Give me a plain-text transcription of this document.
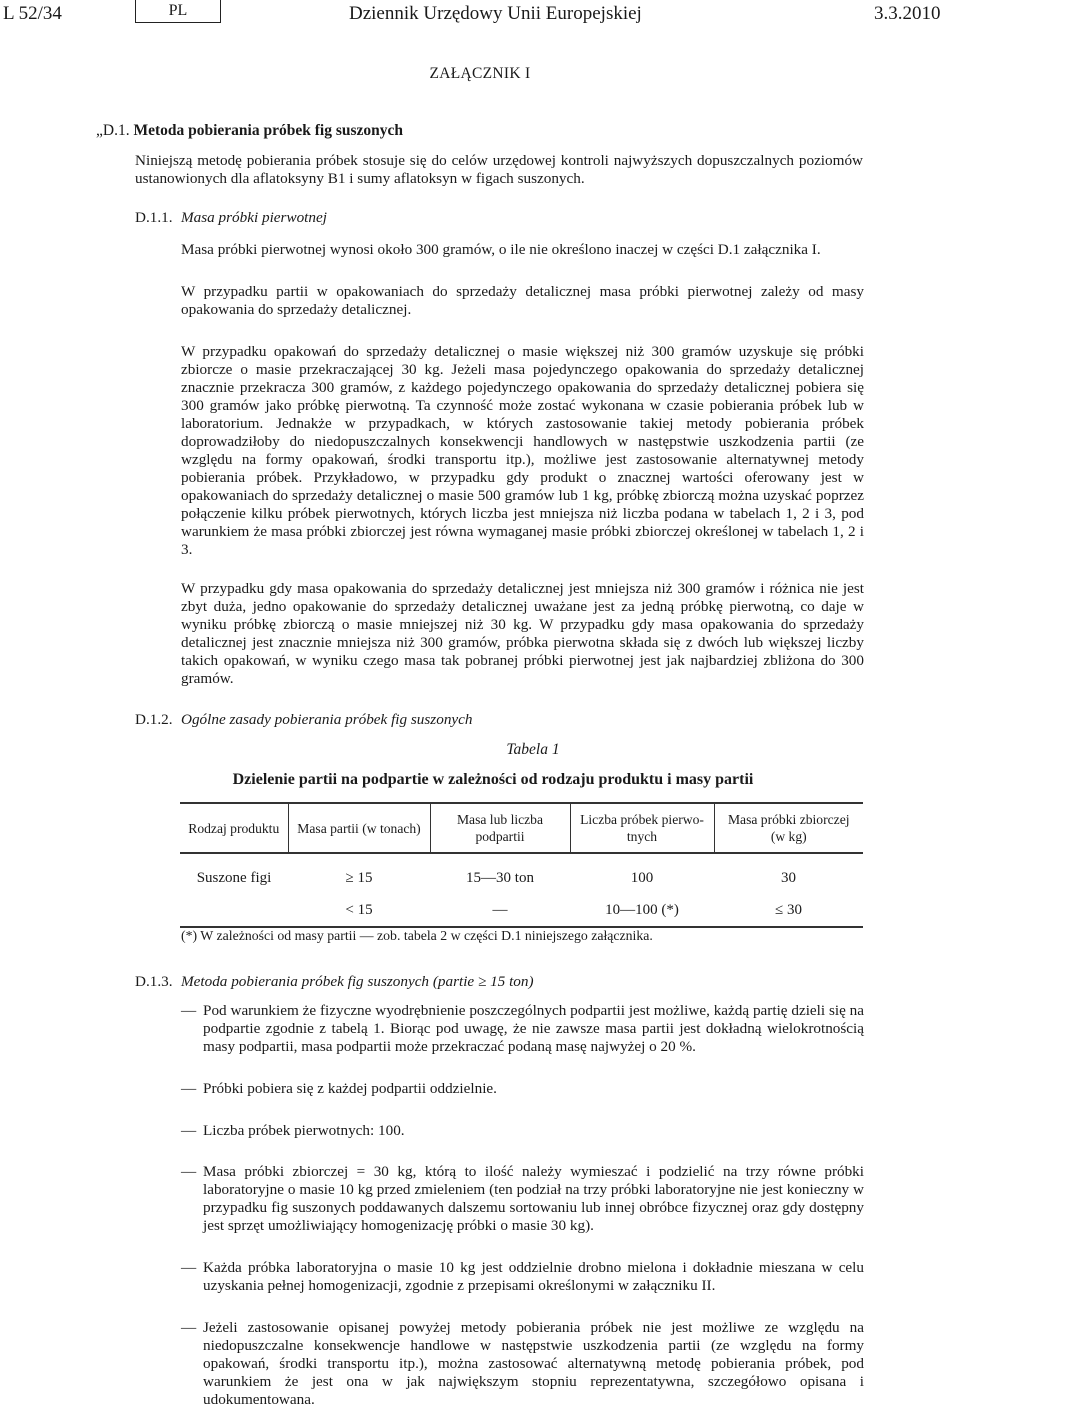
L 52/34	PL	Dziennik Urzędowy Unii Europejskiej	3.3.2010
ZAŁĄCZNIK I
„D.1. Metoda pobierania próbek fig suszonych

Niniejszą metodę pobierania próbek stosuje się do celów urzędowej kontroli najwyższych dopuszczalnych poziomów ustanowionych dla aflatoksyny B1 i sumy aflatoksyn w figach suszonych.

D.1.1. Masa próbki pierwotnej

Masa próbki pierwotnej wynosi około 300 gramów, o ile nie określono inaczej w części D.1 załącznika I.

W przypadku partii w opakowaniach do sprzedaży detalicznej masa próbki pierwotnej zależy od masy opakowania do sprzedaży detalicznej.

W przypadku opakowań do sprzedaży detalicznej o masie większej niż 300 gramów uzyskuje się próbki zbiorcze o masie przekraczającej 30 kg. Jeżeli masa pojedynczego opakowania do sprzedaży detalicznej znacznie przekracza 300 gramów, z każdego pojedynczego opakowania do sprzedaży detalicznej pobiera się 300 gramów jako próbkę pierwotną. Ta czynność może zostać wykonana w czasie pobierania próbek lub w laboratorium. Jednakże w przypadkach, w których zastosowanie takiej metody pobierania próbek doprowadziłoby do niedopuszczalnych konsekwencji handlowych w następstwie uszkodzenia partii (ze względu na formy opakowań, środki transportu itp.), możliwe jest zastosowanie alternatywnej metody pobierania próbek. Przykładowo, w przypadku gdy produkt o znacznej wartości oferowany jest w opakowaniach do sprzedaży detalicznej o masie 500 gramów lub 1 kg, próbkę zbiorczą można uzyskać poprzez połączenie kilku próbek pierwotnych, których liczba jest mniejsza niż liczba podana w tabelach 1, 2 i 3, pod warunkiem że masa próbki zbiorczej jest równa wymaganej masie próbki zbiorczej określonej w tabelach 1, 2 i 3.

W przypadku gdy masa opakowania do sprzedaży detalicznej jest mniejsza niż 300 gramów i różnica nie jest zbyt duża, jedno opakowanie do sprzedaży detalicznej uważane jest za jedną próbkę pierwotną, co daje w wyniku próbkę zbiorczą o masie mniejszej niż 30 kg. W przypadku gdy masa opakowania do sprzedaży detalicznej jest znacznie mniejsza niż 300 gramów, próbka pierwotna składa się z dwóch lub większej liczby takich opakowań, w wyniku czego masa tak pobranej próbki pierwotnej jest jak najbardziej zbliżona do 300 gramów.

D.1.2. Ogólne zasady pobierania próbek fig suszonych
Tabela 1
Dzielenie partii na podpartie w zależności od rodzaju produktu i masy partii
Rodzaj produktu	Masa partii (w tonach)	Masa lub liczba podpartii	Liczba próbek pierwo-tnych	Masa próbki zbiorczej (w kg)
Suszone figi	≥ 15	15—30 ton	100	30
	< 15	—	10—100 (*)	≤ 30
(*) W zależności od masy partii — zob. tabela 2 w części D.1 niniejszego załącznika.
D.1.3. Metoda pobierania próbek fig suszonych (partie ≥ 15 ton)
— Pod warunkiem że fizyczne wyodrębnienie poszczególnych podpartii jest możliwe, każdą partię dzieli się na podpartie zgodnie z tabelą 1. Biorąc pod uwagę, że nie zawsze masa partii jest dokładną wielokrotnością masy podpartii, masa podpartii może przekraczać podaną masę najwyżej o 20 %.

— Próbki pobiera się z każdej podpartii oddzielnie.

— Liczba próbek pierwotnych: 100.

— Masa próbki zbiorczej = 30 kg, którą to ilość należy wymieszać i podzielić na trzy równe próbki laboratoryjne o masie 10 kg przed zmieleniem (ten podział na trzy próbki laboratoryjne nie jest konieczny w przypadku fig suszonych poddawanych dalszemu sortowaniu lub innej obróbce fizycznej oraz gdy dostępny jest sprzęt umożliwiający homogenizację próbki o masie 30 kg).

— Każda próbka laboratoryjna o masie 10 kg jest oddzielnie drobno mielona i dokładnie mieszana w celu uzyskania pełnej homogenizacji, zgodnie z przepisami określonymi w załączniku II.

— Jeżeli zastosowanie opisanej powyżej metody pobierania próbek nie jest możliwe ze względu na niedopuszczalne konsekwencje handlowe w następstwie uszkodzenia partii (ze względu na formy opakowań, środki transportu itp.), można zastosować alternatywną metodę pobierania próbek, pod warunkiem że jest ona w jak największym stopniu reprezentatywna, szczegółowo opisana i udokumentowana.
